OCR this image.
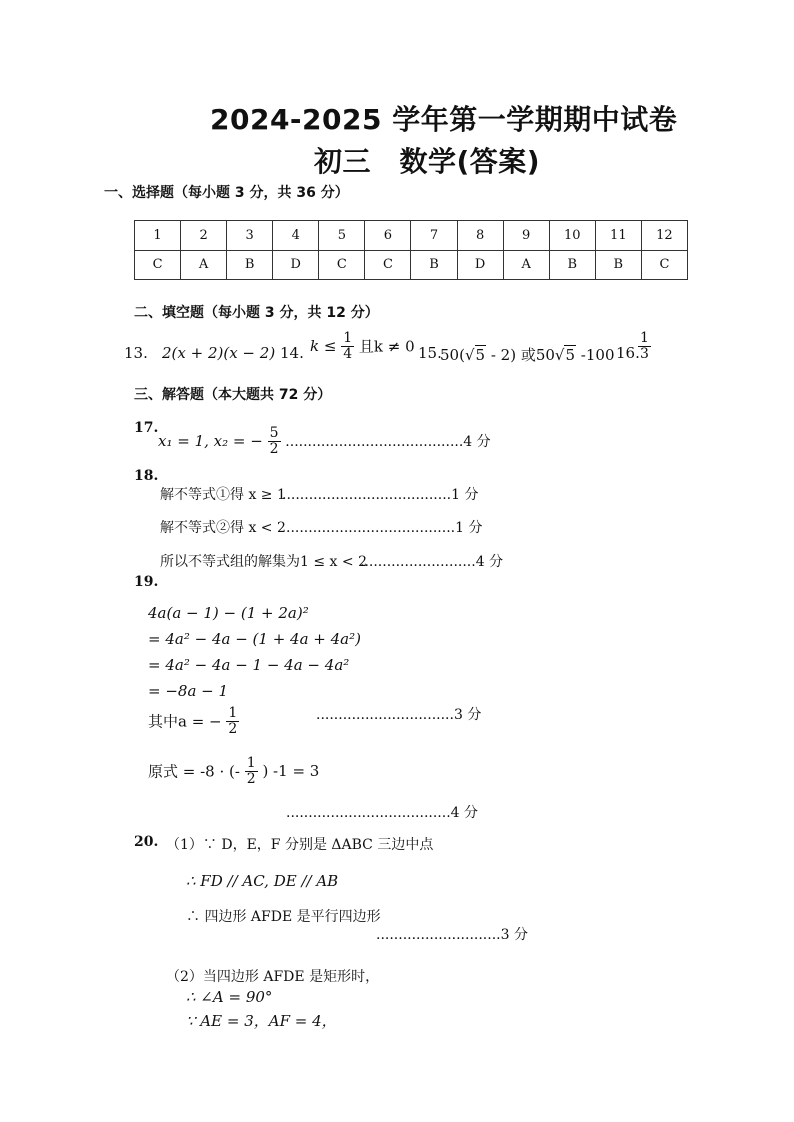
2024-2025 学年第一学期期中试卷
初三　数学(答案)
一、选择题（每小题 3 分，共 36 分）
1	2	3	4	5	6	7	8	9	10	11	12
C	A	B	D	C	C	B	D	A	B	B	C
二、填空题（每小题 3 分，共 12 分）
13. 2(x + 2)(x − 2) 14. $k \le \frac{1}{4}$ 且k ≠ 0 15.
50(√5 - 2) 或50√5 -100 16.
$\frac{1}{3}$
三、解答题（本大题共 72 分）
17.
x₁ = 1, x₂ = − $\frac{5}{2} ........................................4$ 分
18.
解不等式①得 x ≥ 1
......................................1 分
解不等式②得 x < 2 ......................................1 分
所以不等式组的解集为1 ≤ x < 2
..........................4 分
19.
4a(a − 1) − (1 + 2a)²
= 4a² − 4a − (1 + 4a + 4a²)
= 4a² − 4a − 1 − 4a − 4a²
= −8a − 1
其中a = − $\frac{1}{2}$	...............................3 分
原式 = -8 · (- $\frac{1}{2}$ ) -1 = 3
.....................................4 分
20. （1）∵ D，E，F 分别是 ΔABC 三边中点
∴ FD // AC, DE // AB
∴ 四边形 AFDE 是平行四边形
............................3 分
（2）当四边形 AFDE 是矩形时，
∴ ∠A = 90°
∵ AE = 3，AF = 4，
